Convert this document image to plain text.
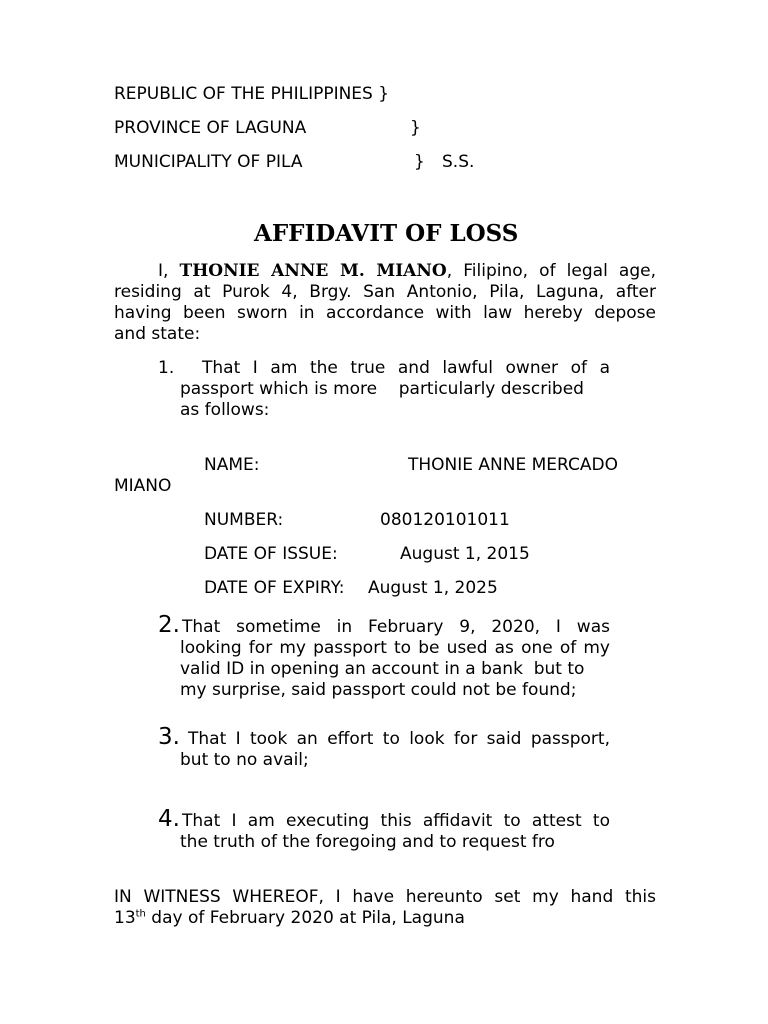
REPUBLIC OF THE PHILIPPINES }
PROVINCE OF LAGUNA	}
MUNICIPALITY OF PILA	} S.S.
AFFIDAVIT OF LOSS
I, THONIE ANNE M. MIANO, Filipino, of legal age,
residing at Purok 4, Brgy. San Antonio, Pila, Laguna, after
having been sworn in accordance with law hereby depose
and state:
1. That I am the true and lawful owner of a
passport which is more    particularly described
as follows:
NAME:	THONIE ANNE MERCADO
MIANO
NUMBER:	080120101011
DATE OF ISSUE:	August 1, 2015
DATE OF EXPIRY: August 1, 2025
2. That sometime in February 9, 2020, I was
looking for my passport to be used as one of my
valid ID in opening an account in a bank  but to
my surprise, said passport could not be found;
3. That I took an effort to look for said passport,
but to no avail;
4. That I am executing this affidavit to attest to
the truth of the foregoing and to request fro
IN WITNESS WHEREOF, I have hereunto set my hand this
13th day of February 2020 at Pila, Laguna
